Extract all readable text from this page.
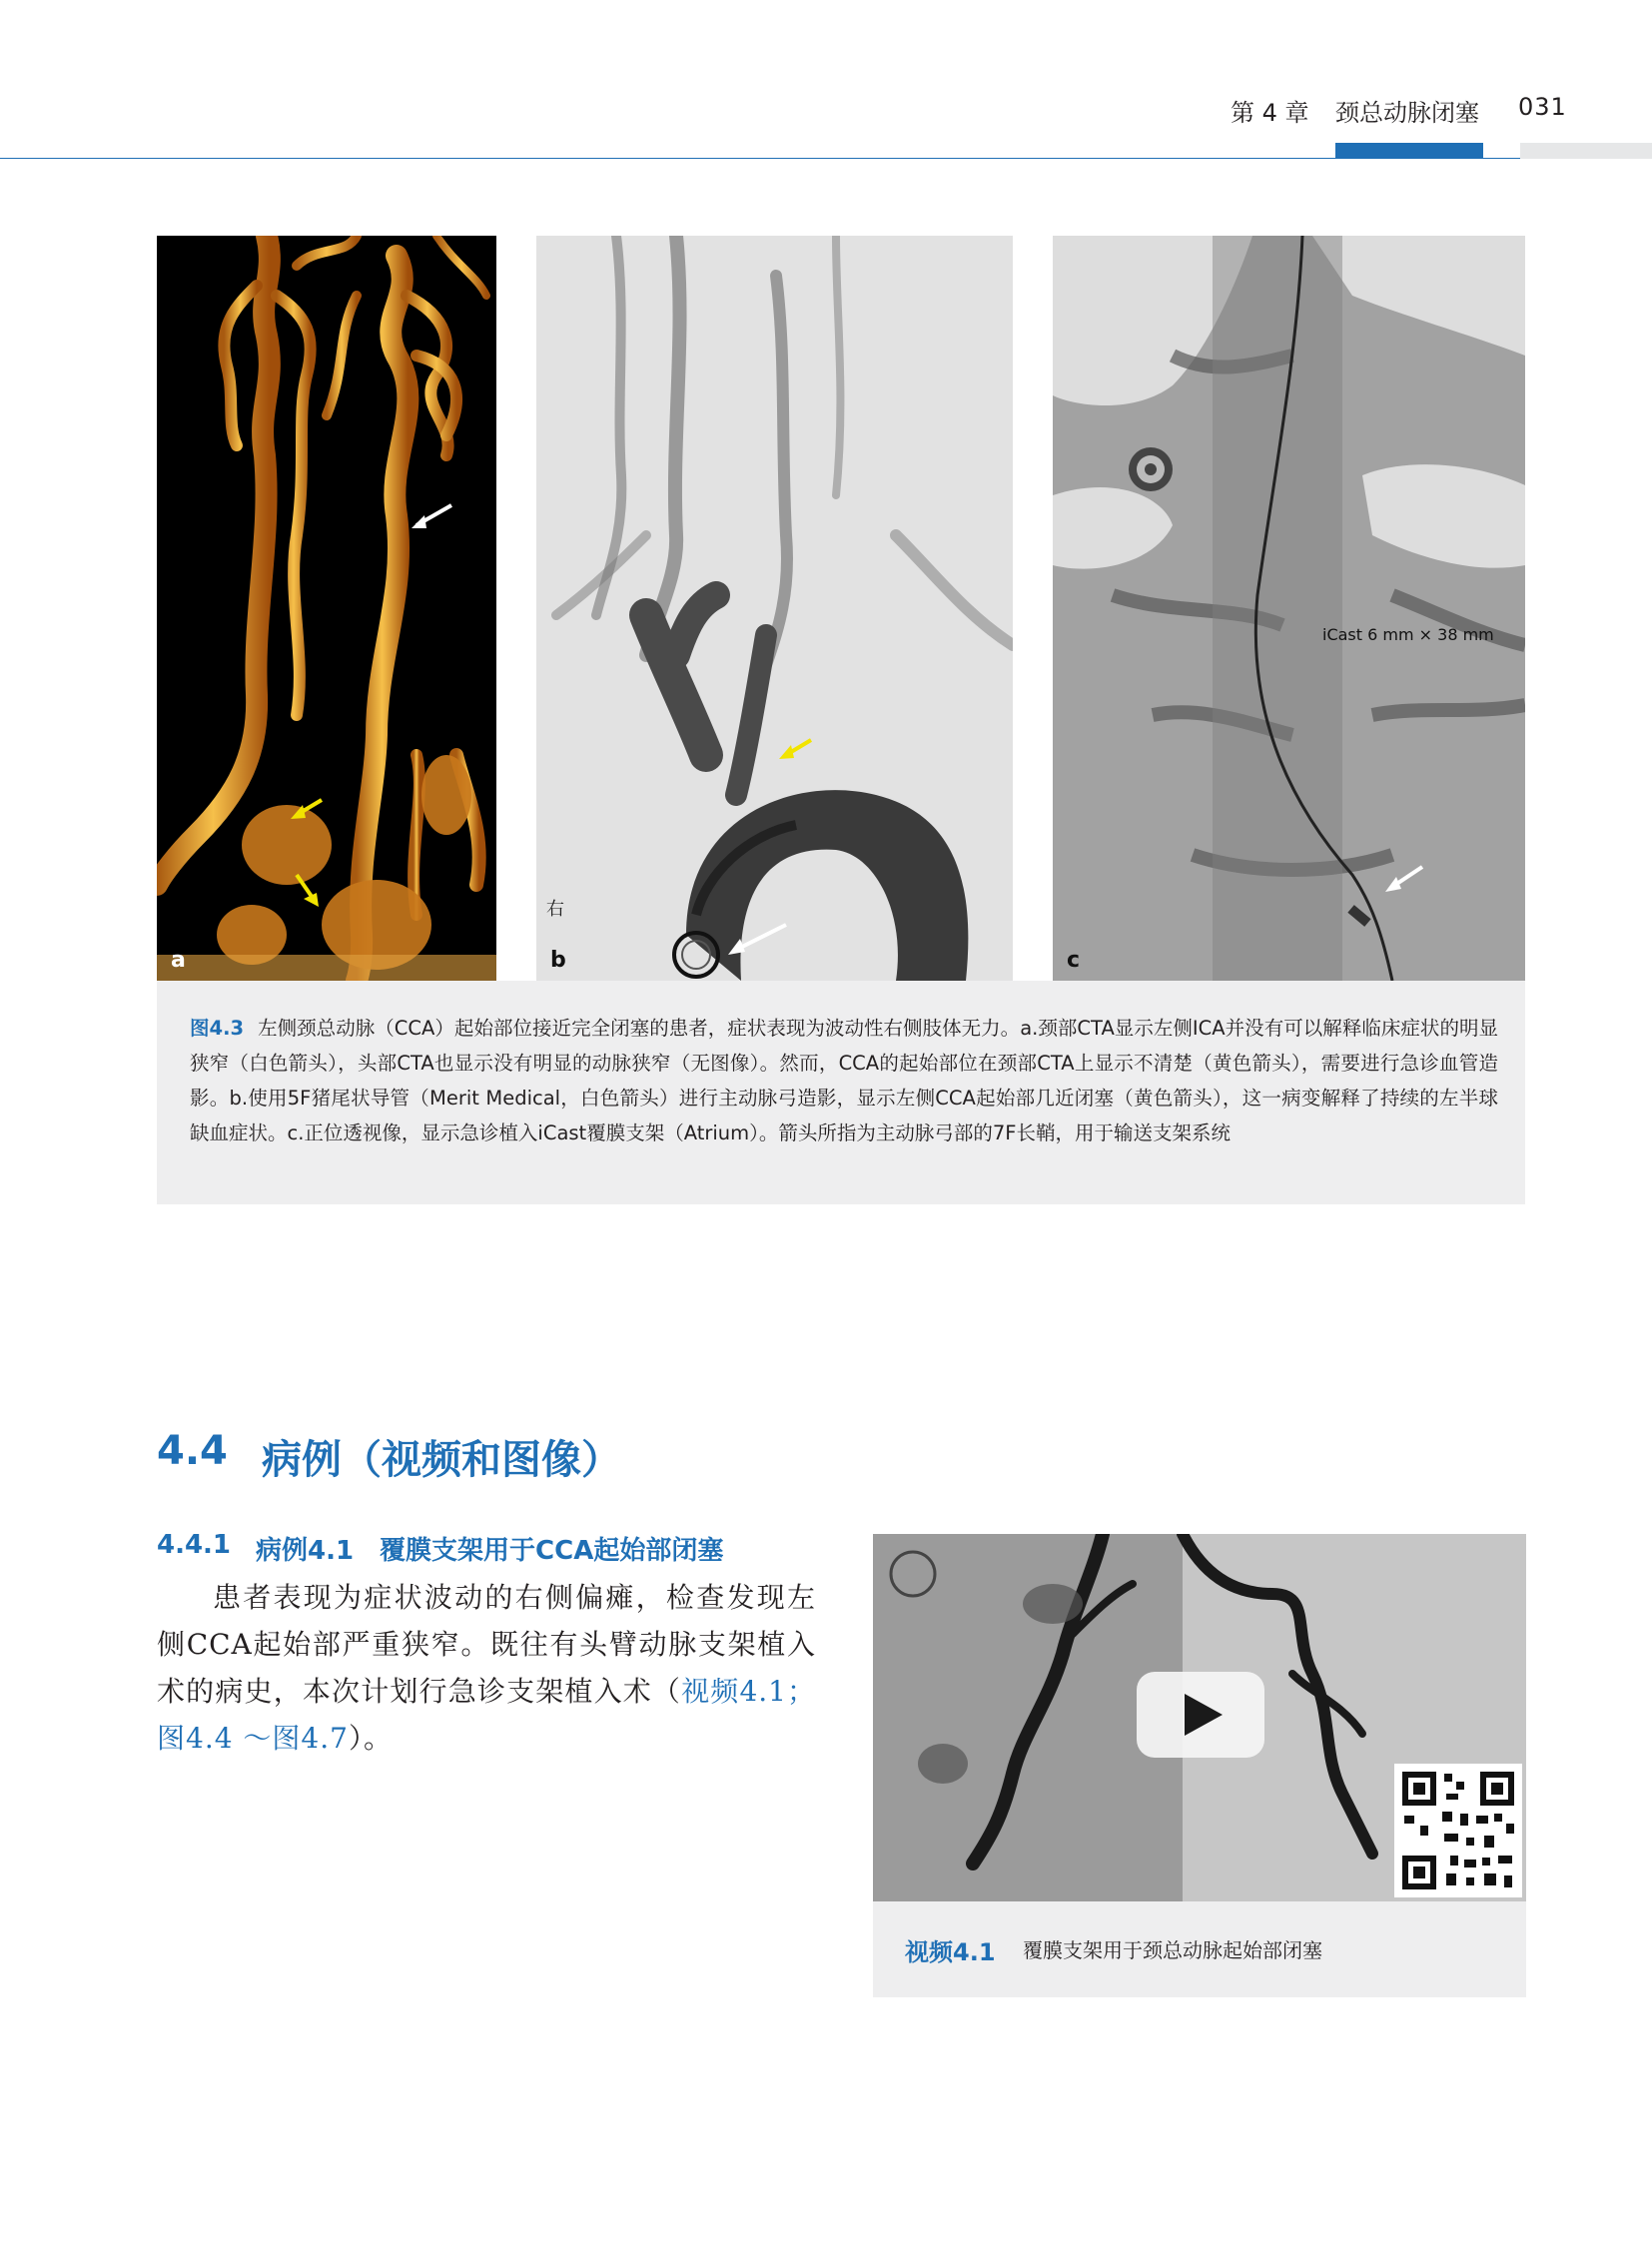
第 4 章 颈总动脉闭塞 031
a
右
b
iCast 6 mm × 38 mm
c
图4.3 左侧颈总动脉（CCA）起始部位接近完全闭塞的患者，症状表现为波动性右侧肢体无力。a.颈部CTA显示左侧ICA并没有可以解释临床症状的明显狭窄（白色箭头），头部CTA也显示没有明显的动脉狭窄（无图像）。然而，CCA的起始部位在颈部CTA上显示不清楚（黄色箭头），需要进行急诊血管造影。b.使用5F猪尾状导管（Merit Medical，白色箭头）进行主动脉弓造影，显示左侧CCA起始部几近闭塞（黄色箭头），这一病变解释了持续的左半球缺血症状。c.正位透视像，显示急诊植入iCast覆膜支架（Atrium）。箭头所指为主动脉弓部的7F长鞘，用于输送支架系统
4.4 病例（视频和图像）
4.4.1 病例4.1　覆膜支架用于CCA起始部闭塞
患者表现为症状波动的右侧偏瘫，检查发现左侧CCA起始部严重狭窄。既往有头臂动脉支架植入术的病史，本次计划行急诊支架植入术（视频4.1；图4.4 ～图4.7）。
视频4.1 覆膜支架用于颈总动脉起始部闭塞
